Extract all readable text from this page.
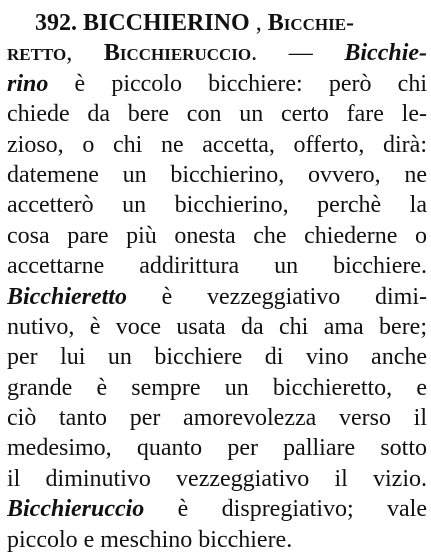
392. BICCHIERINO , Bicchie-
retto, Bicchieruccio. — Bicchie-
rino è piccolo bicchiere: però chi
chiede da bere con un certo fare le-
zioso, o chi ne accetta, offerto, dirà:
datemene un bicchierino, ovvero, ne
accetterò un bicchierino, perchè la
cosa pare più onesta che chiederne o
accettarne addirittura un bicchiere.
Bicchieretto è vezzeggiativo dimi-
nutivo, è voce usata da chi ama bere;
per lui un bicchiere di vino anche
grande è sempre un bicchieretto, e
ciò tanto per amorevolezza verso il
medesimo, quanto per palliare sotto
il diminutivo vezzeggiativo il vizio.
Bicchieruccio è dispregiativo; vale
piccolo e meschino bicchiere.
